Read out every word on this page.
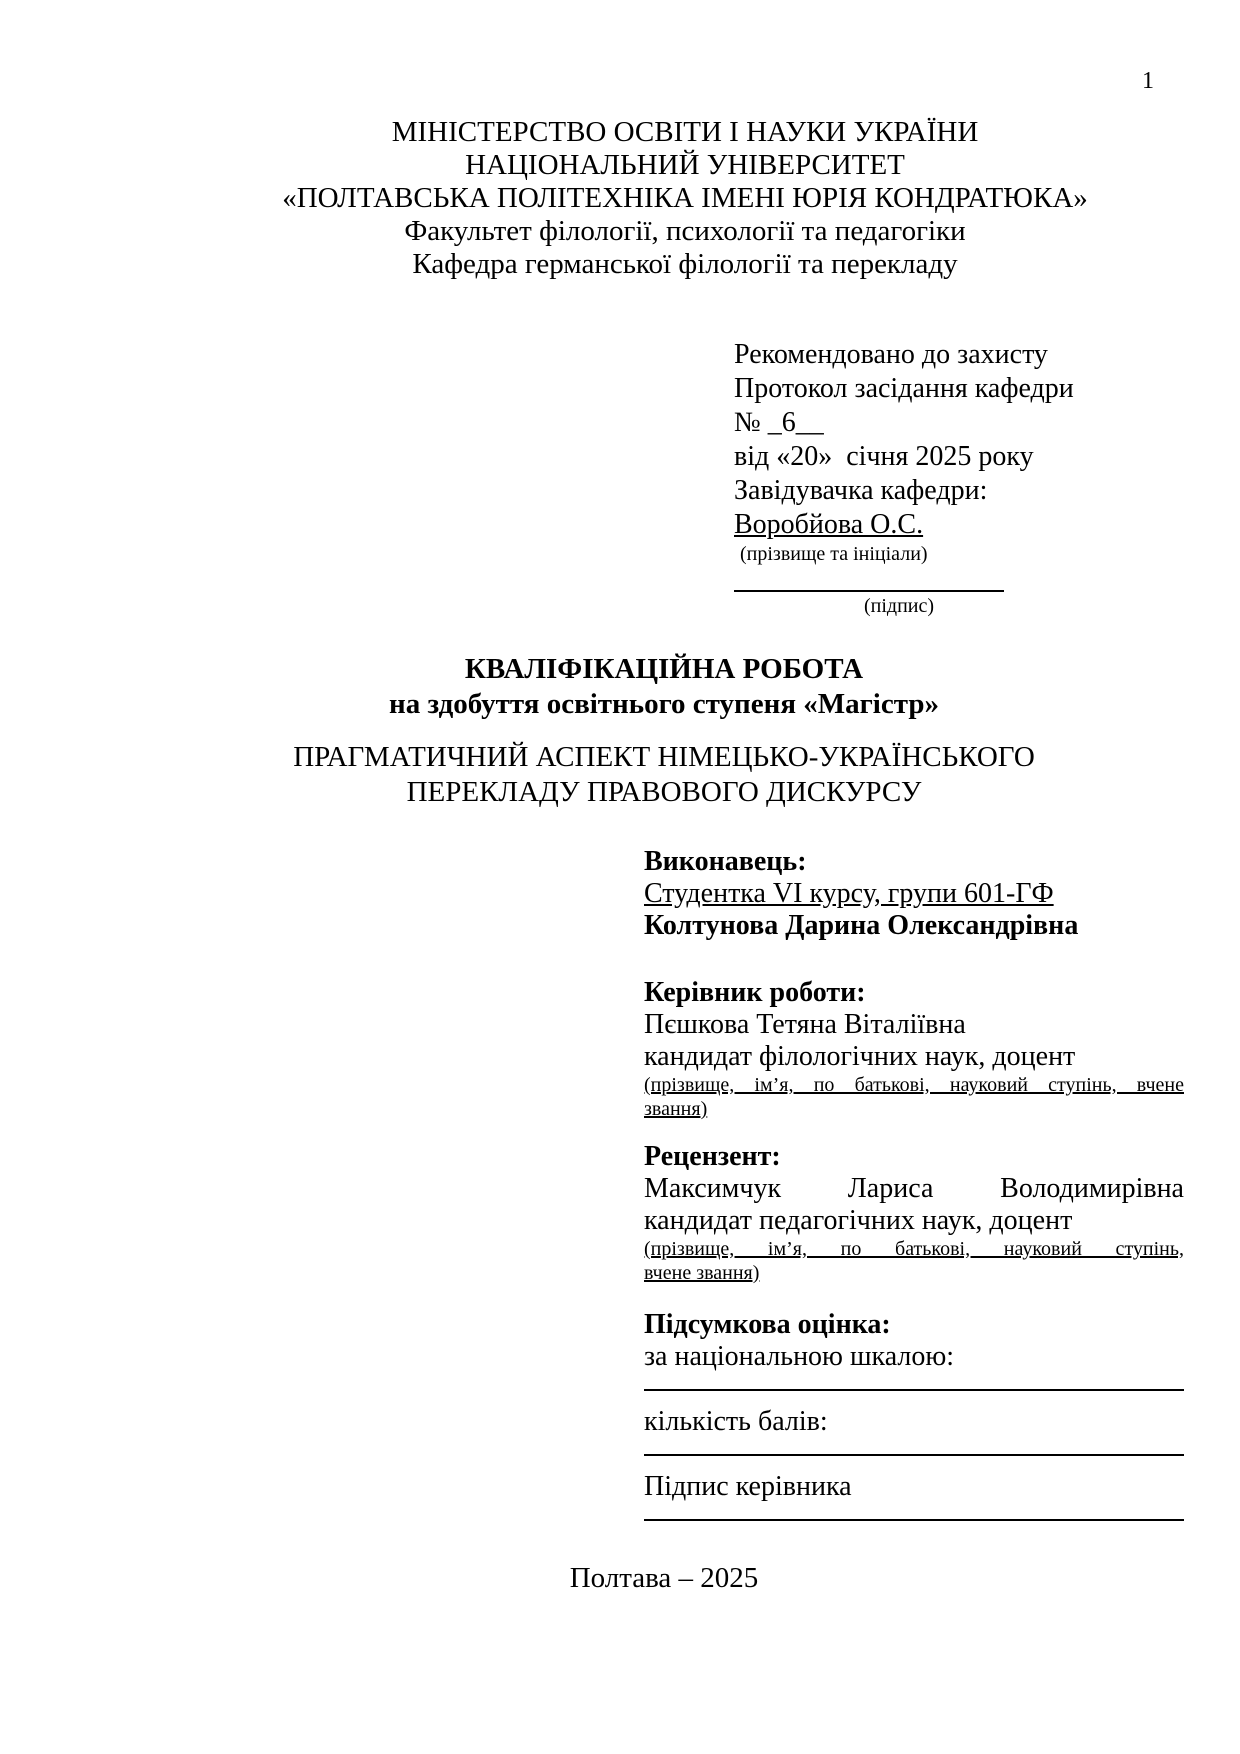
1
МІНІСТЕРСТВО ОСВІТИ І НАУКИ УКРАЇНИ
НАЦІОНАЛЬНИЙ УНІВЕРСИТЕТ
«ПОЛТАВСЬКА ПОЛІТЕХНІКА ІМЕНІ ЮРІЯ КОНДРАТЮКА»
Факультет філології, психології та педагогіки
Кафедра германської філології та перекладу
Рекомендовано до захисту
Протокол засідання кафедри
№ _6__
від «20»  січня 2025 року
Завідувачка кафедри:
Воробйова О.С.
(прізвище та ініціали)
(підпис)
КВАЛІФІКАЦІЙНА РОБОТА
на здобуття освітнього ступеня «Магістр»
ПРАГМАТИЧНИЙ АСПЕКТ НІМЕЦЬКО-УКРАЇНСЬКОГО
ПЕРЕКЛАДУ ПРАВОВОГО ДИСКУРСУ
Виконавець:
Студентка VI курсу, групи 601-ГФ
Колтунова Дарина Олександрівна
Керівник роботи:
Пєшкова Тетяна Віталіївна
кандидат філологічних наук, доцент
(прізвище, ім’я, по батькові, науковий ступінь, вчене
звання)
Рецензент:
Максимчук Лариса Володимирівна
кандидат педагогічних наук, доцент
(прізвище, ім’я, по батькові, науковий ступінь,
вчене звання)
Підсумкова оцінка:
за національною шкалою:
кількість балів:
Підпис керівника
Полтава – 2025
